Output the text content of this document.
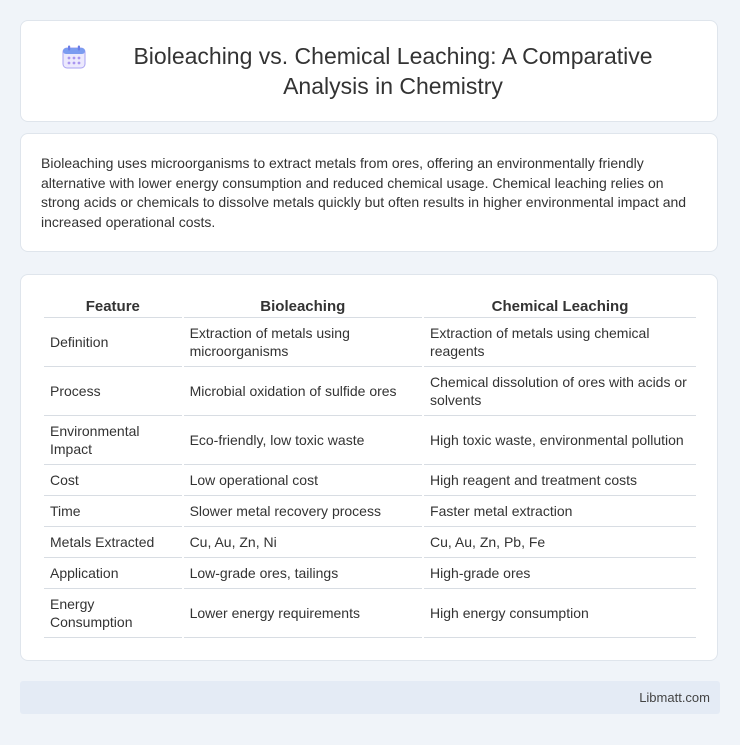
Bioleaching vs. Chemical Leaching: A Comparative Analysis in Chemistry

Bioleaching uses microorganisms to extract metals from ores, offering an environmentally friendly alternative with lower energy consumption and reduced chemical usage. Chemical leaching relies on strong acids or chemicals to dissolve metals quickly but often results in higher environmental impact and increased operational costs.

Feature	Bioleaching	Chemical Leaching
Definition	Extraction of metals using microorganisms	Extraction of metals using chemical reagents
Process	Microbial oxidation of sulfide ores	Chemical dissolution of ores with acids or solvents
Environmental Impact	Eco-friendly, low toxic waste	High toxic waste, environmental pollution
Cost	Low operational cost	High reagent and treatment costs
Time	Slower metal recovery process	Faster metal extraction
Metals Extracted	Cu, Au, Zn, Ni	Cu, Au, Zn, Pb, Fe
Application	Low-grade ores, tailings	High-grade ores
Energy Consumption	Lower energy requirements	High energy consumption
Libmatt.com
